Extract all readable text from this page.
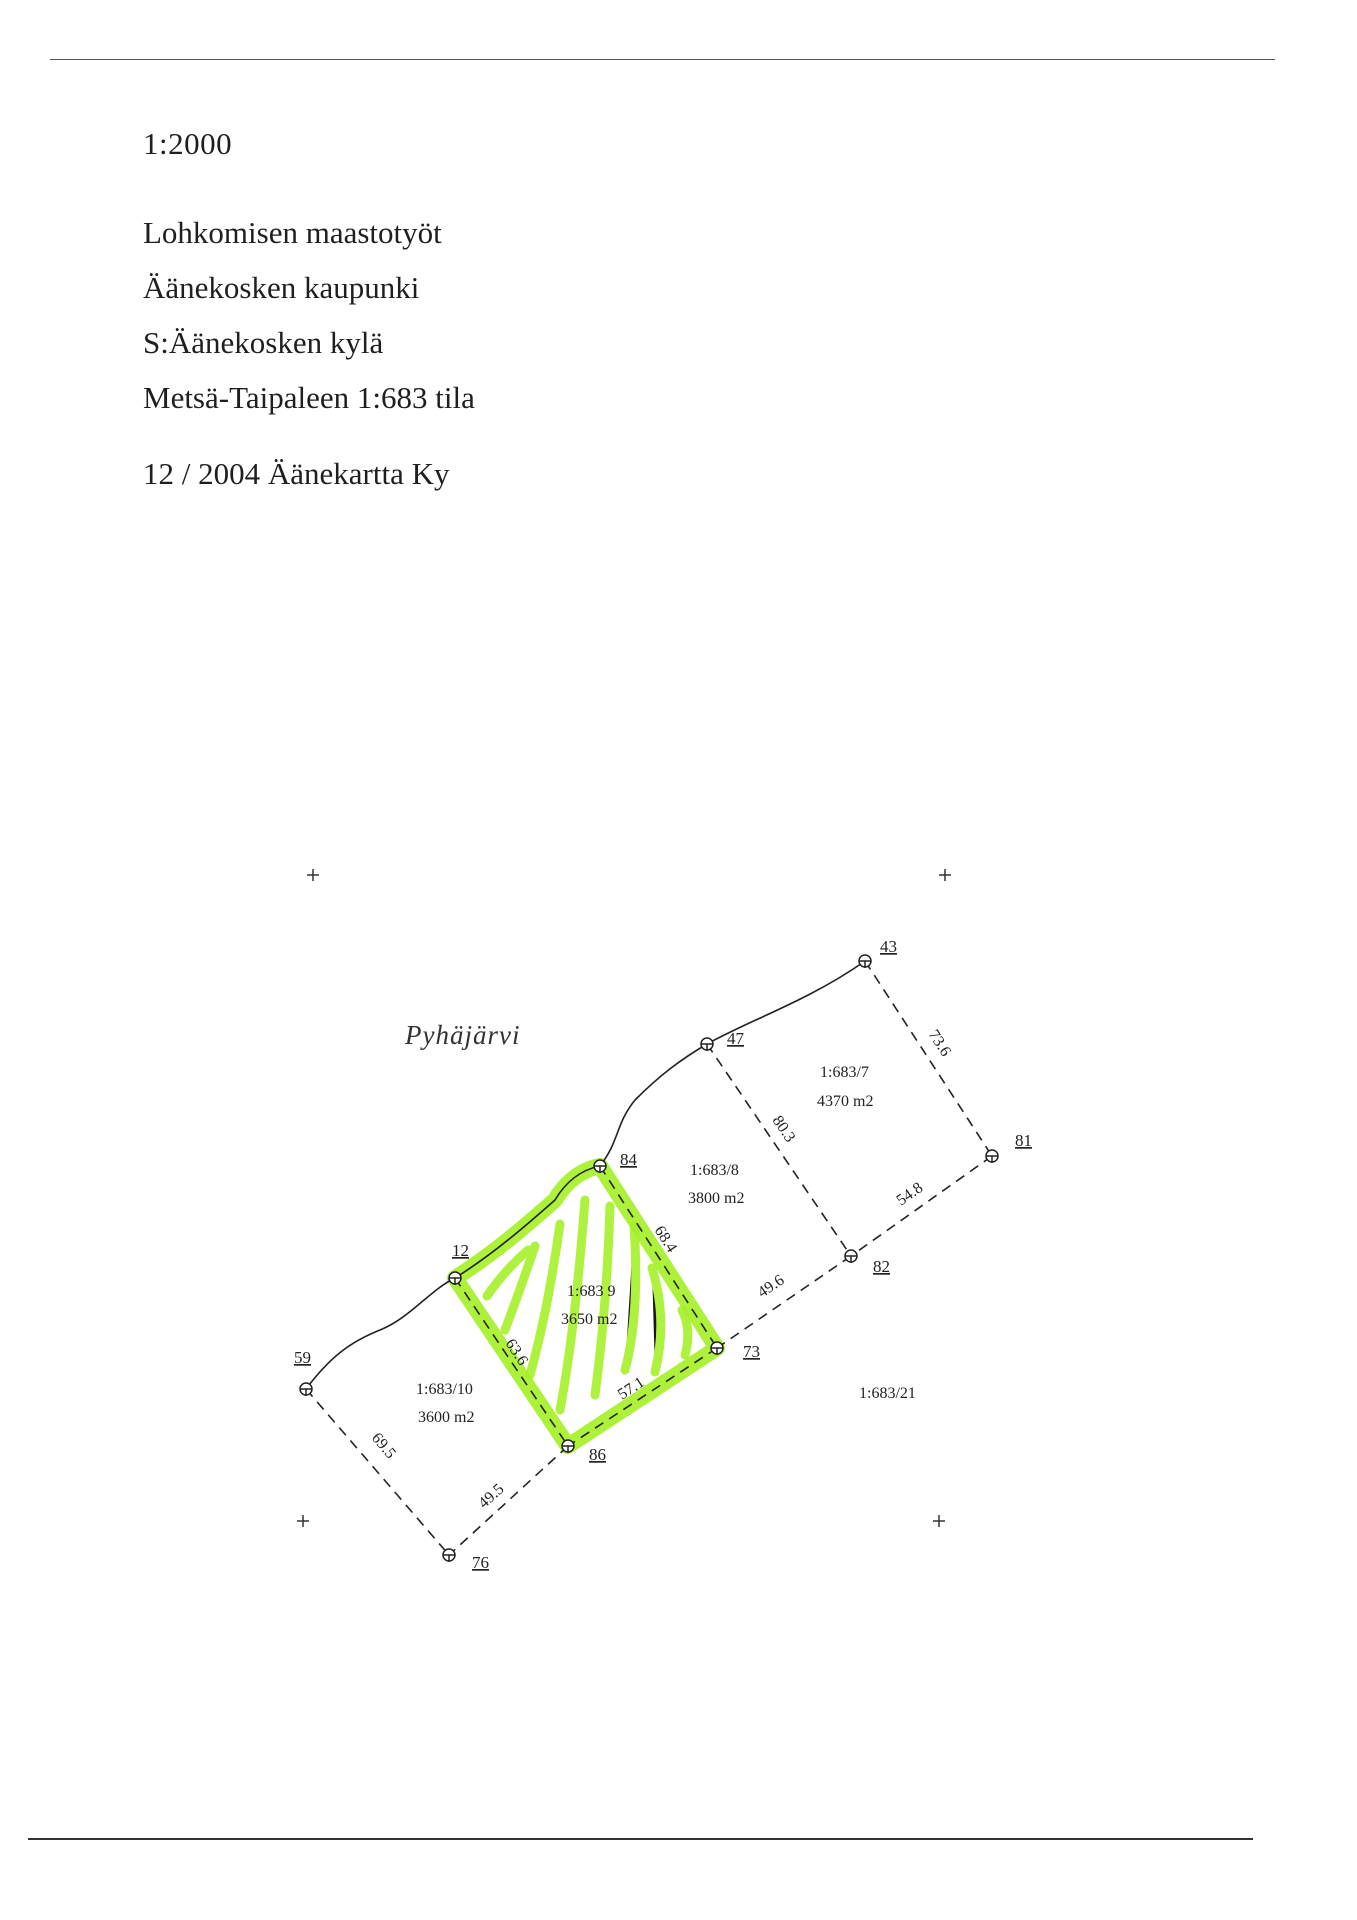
1:2000
Lohkomisen maastotyöt
Äänekosken kaupunki
S:Äänekosken kylä
Metsä-Taipaleen 1:683 tila
12 / 2004 Äänekartta Ky
43
47
81
84
82
12
73
59
86
76
Pyhäjärvi
1:683/7
4370 m2
1:683/8
3800 m2
1:683 9
3650 m2
1:683/10
3600 m2
1:683/21
73.6
80.3
54.8
68.4
49.6
63.6
57.1
69.5
49.5
